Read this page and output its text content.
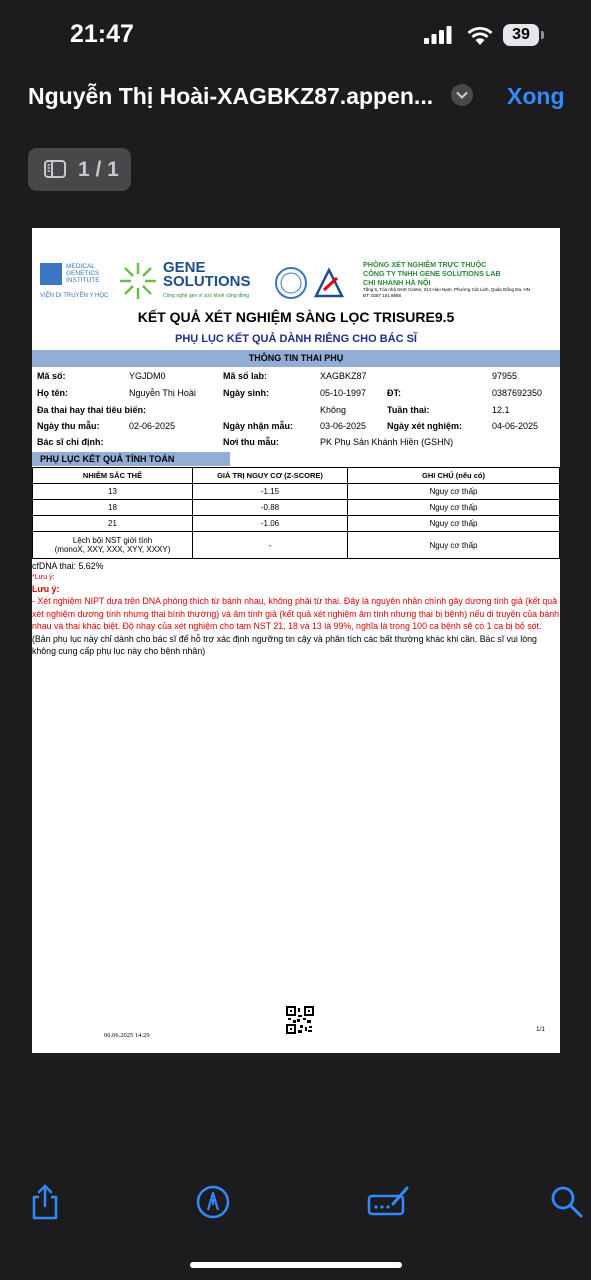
21:47	39
Nguyễn Thị Hoài-XAGBKZ87.appen...	Xong
1 / 1
MEDICAL GENETICS INSTITUTE
VIỆN DI TRUYỀN Y HỌC
GENE SOLUTIONS
Công nghệ gen vì sức khoẻ cộng đồng
PHÒNG XÉT NGHIỆM TRỰC THUỘC
CÔNG TY TNHH GENE SOLUTIONS LAB
CHI NHÁNH HÀ NỘI
Tầng 5, Tòa nhà NHS Center, 214 Hào Nam, Phường Cát Linh, Quận Đống Đa, HN
ĐT: 0287 101 8688
KẾT QUẢ XÉT NGHIỆM SÀNG LỌC TRISURE9.5
PHỤ LỤC KẾT QUẢ DÀNH RIÊNG CHO BÁC SĨ
THÔNG TIN THAI PHỤ
Mã số:	YGJDM0	Mã số lab:	XAGBKZ87	97955
Họ tên:	Nguyễn Thị Hoài	Ngày sinh:	05-10-1997 ĐT:	0387692350
Đa thai hay thai tiêu biến:	Không	Tuần thai:	12.1
Ngày thu mẫu:	02-06-2025	Ngày nhận mẫu:	03-06-2025 Ngày xét nghiệm:	04-06-2025
Bác sĩ chỉ định:	Nơi thu mẫu:	PK Phụ Sản Khánh Hiền (GSHN)
PHỤ LỤC KẾT QUẢ TÍNH TOÁN
NHIỄM SẮC THỂ	GIÁ TRỊ NGUY CƠ (Z-SCORE)	GHI CHÚ (nếu có)
13	-1.15	Nguy cơ thấp
18	-0.88	Nguy cơ thấp
21	-1.06	Nguy cơ thấp
Lệch bội NST giới tính
(monoX, XXY, XXX, XYY, XXXY)	-	Nguy cơ thấp
cfDNA thai: 5.62%
*Lưu ý:
Lưu ý:
- Xét nghiệm NIPT dựa trên DNA phóng thích từ bánh nhau, không phải từ thai. Đây là nguyên nhân chính gây dương tính giả (kết quả xét nghiệm dương tính nhưng thai bình thường) và âm tính giả (kết quả xét nghiệm âm tính nhưng thai bị bệnh) nếu di truyền của bánh nhau và thai khác biệt. Độ nhạy của xét nghiệm cho tam NST 21, 18 và 13 là 99%, nghĩa là trong 100 ca bệnh sẽ có 1 ca bị bỏ sót.
(Bản phụ lục này chỉ dành cho bác sĩ để hỗ trợ xác định ngưỡng tin cậy và phân tích các bất thường khác khi cần. Bác sĩ vui lòng không cung cấp phụ lục này cho bệnh nhân)
06.06.2025 14:29
1/1
